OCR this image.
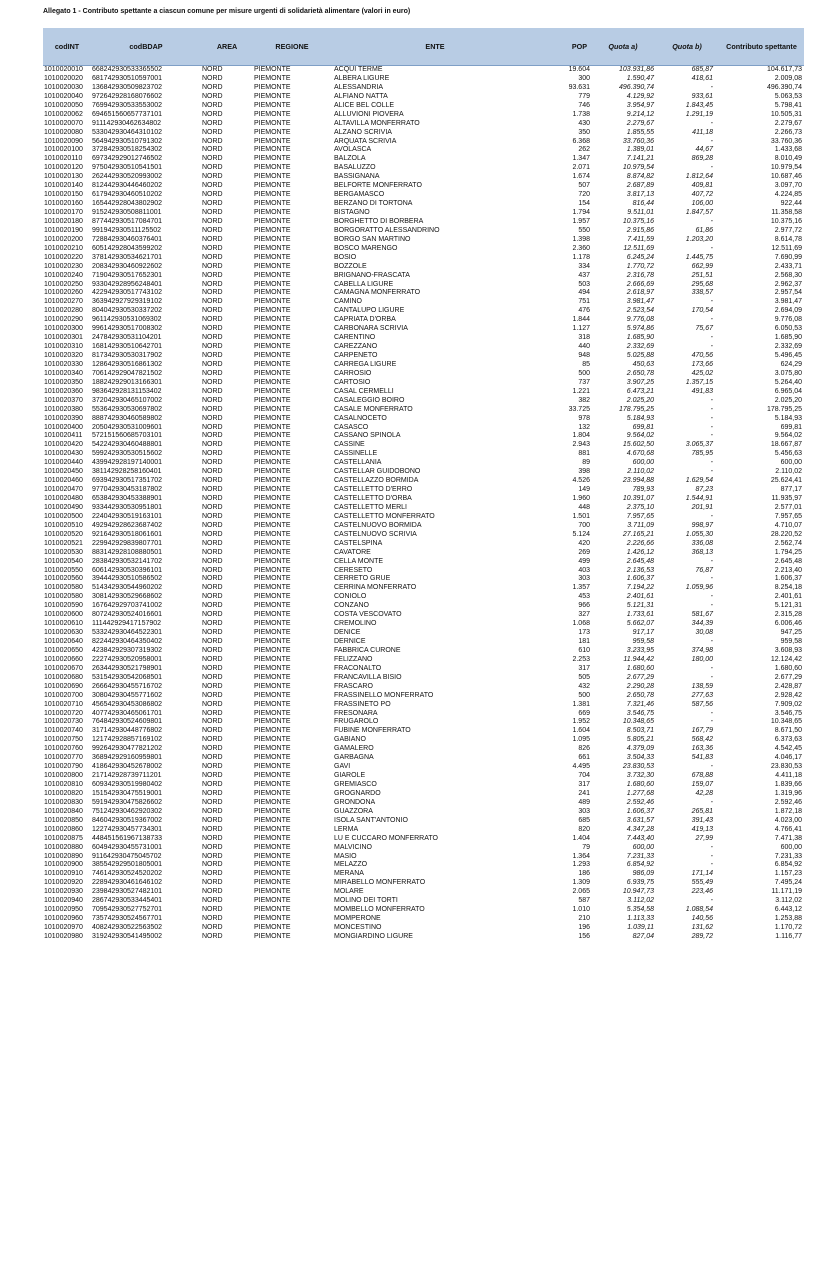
Allegato 1 - Contributo spettante a ciascun comune per misure urgenti di solidarietà alimentare (valori in euro)
codINT	codBDAP	AREA	REGIONE	ENTE	POP	Quota a)	Quota b)	Contributo spettante
1010020010	668242930533365502	NORD	PIEMONTE	ACQUI TERME	19.604	103.931,86	685,87	104.617,73
1010020020	681742930510597001	NORD	PIEMONTE	ALBERA LIGURE	300	1.590,47	418,61	2.009,08
1010020030	136842930509823702	NORD	PIEMONTE	ALESSANDRIA	93.631	496.390,74	-	496.390,74
1010020040	972642928168076602	NORD	PIEMONTE	ALFIANO NATTA	779	4.129,92	933,61	5.063,53
1010020050	769942930533553002	NORD	PIEMONTE	ALICE BEL COLLE	746	3.954,97	1.843,45	5.798,41
1010020062	694651560657737101	NORD	PIEMONTE	ALLUVIONI PIOVERA	1.738	9.214,12	1.291,19	10.505,31
1010020070	911142930462634802	NORD	PIEMONTE	ALTAVILLA MONFERRATO	430	2.279,67	-	2.279,67
1010020080	533042930464310102	NORD	PIEMONTE	ALZANO SCRIVIA	350	1.855,55	411,18	2.266,73
1010020090	564942930510791302	NORD	PIEMONTE	ARQUATA SCRIVIA	6.368	33.760,36	-	33.760,36
1010020100	372842930518254302	NORD	PIEMONTE	AVOLASCA	262	1.389,01	44,67	1.433,68
1010020110	697342929012746502	NORD	PIEMONTE	BALZOLA	1.347	7.141,21	869,28	8.010,49
1010020120	975042930510541501	NORD	PIEMONTE	BASALUZZO	2.071	10.979,54	-	10.979,54
1010020130	262442930520993002	NORD	PIEMONTE	BASSIGNANA	1.674	8.874,82	1.812,64	10.687,46
1010020140	812442930446460202	NORD	PIEMONTE	BELFORTE MONFERRATO	507	2.687,89	409,81	3.097,70
1010020150	617942930460510202	NORD	PIEMONTE	BERGAMASCO	720	3.817,13	407,72	4.224,85
1010020160	165442928043802902	NORD	PIEMONTE	BERZANO DI TORTONA	154	816,44	106,00	922,44
1010020170	915242930508811001	NORD	PIEMONTE	BISTAGNO	1.794	9.511,01	1.847,57	11.358,58
1010020180	877442930517084701	NORD	PIEMONTE	BORGHETTO DI BORBERA	1.957	10.375,16	-	10.375,16
1010020190	991942930511125502	NORD	PIEMONTE	BORGORATTO ALESSANDRINO	550	2.915,86	61,86	2.977,72
1010020200	728842930460376401	NORD	PIEMONTE	BORGO SAN MARTINO	1.398	7.411,59	1.203,20	8.614,78
1010020210	605142928043599202	NORD	PIEMONTE	BOSCO MARENGO	2.360	12.511,69	-	12.511,69
1010020220	378142930534621701	NORD	PIEMONTE	BOSIO	1.178	6.245,24	1.445,75	7.690,99
1010020230	208342930460922602	NORD	PIEMONTE	BOZZOLE	334	1.770,72	662,99	2.433,71
1010020240	719042930517652301	NORD	PIEMONTE	BRIGNANO-FRASCATA	437	2.316,78	251,51	2.568,30
1010020250	933042928956248401	NORD	PIEMONTE	CABELLA LIGURE	503	2.666,69	295,68	2.962,37
1010020260	422942930517743102	NORD	PIEMONTE	CAMAGNA MONFERRATO	494	2.618,97	338,57	2.957,54
1010020270	363942927929319102	NORD	PIEMONTE	CAMINO	751	3.981,47	-	3.981,47
1010020280	804042930530337202	NORD	PIEMONTE	CANTALUPO LIGURE	476	2.523,54	170,54	2.694,09
1010020290	961142930531069302	NORD	PIEMONTE	CAPRIATA D'ORBA	1.844	9.776,08	-	9.776,08
1010020300	996142930517008302	NORD	PIEMONTE	CARBONARA SCRIVIA	1.127	5.974,86	75,67	6.050,53
1010020301	247842930531104201	NORD	PIEMONTE	CARENTINO	318	1.685,90	-	1.685,90
1010020310	168142930510642701	NORD	PIEMONTE	CAREZZANO	440	2.332,69	-	2.332,69
1010020320	817342930530317902	NORD	PIEMONTE	CARPENETO	948	5.025,88	470,56	5.496,45
1010020330	128642930516861302	NORD	PIEMONTE	CARREGA LIGURE	85	450,63	173,66	624,29
1010020340	706142929047821502	NORD	PIEMONTE	CARROSIO	500	2.650,78	425,02	3.075,80
1010020350	188242929013166301	NORD	PIEMONTE	CARTOSIO	737	3.907,25	1.357,15	5.264,40
1010020360	983642928131153402	NORD	PIEMONTE	CASAL CERMELLI	1.221	6.473,21	491,83	6.965,04
1010020370	372042930465107002	NORD	PIEMONTE	CASALEGGIO BOIRO	382	2.025,20	-	2.025,20
1010020380	553642930530697802	NORD	PIEMONTE	CASALE MONFERRATO	33.725	178.795,25	-	178.795,25
1010020390	888742930460589802	NORD	PIEMONTE	CASALNOCETO	978	5.184,93	-	5.184,93
1010020400	205042930531009601	NORD	PIEMONTE	CASASCO	132	699,81	-	699,81
1010020411	572151560685703101	NORD	PIEMONTE	CASSANO SPINOLA	1.804	9.564,02	-	9.564,02
1010020420	542242930460488801	NORD	PIEMONTE	CASSINE	2.943	15.602,50	3.065,37	18.667,87
1010020430	599242930530515602	NORD	PIEMONTE	CASSINELLE	881	4.670,68	785,95	5.456,63
1010020440	439942928197140001	NORD	PIEMONTE	CASTELLANIA	89	600,00	-	600,00
1010020450	381142928258160401	NORD	PIEMONTE	CASTELLAR GUIDOBONO	398	2.110,02	-	2.110,02
1010020460	693942930517351702	NORD	PIEMONTE	CASTELLAZZO BORMIDA	4.526	23.994,88	1.629,54	25.624,41
1010020470	977042930453187802	NORD	PIEMONTE	CASTELLETTO D'ERRO	149	789,93	87,23	877,17
1010020480	653842930453388901	NORD	PIEMONTE	CASTELLETTO D'ORBA	1.960	10.391,07	1.544,91	11.935,97
1010020490	933442930530951801	NORD	PIEMONTE	CASTELLETTO MERLI	448	2.375,10	201,91	2.577,01
1010020500	224042930519163101	NORD	PIEMONTE	CASTELLETTO MONFERRATO	1.501	7.957,65	-	7.957,65
1010020510	492942928623687402	NORD	PIEMONTE	CASTELNUOVO BORMIDA	700	3.711,09	998,97	4.710,07
1010020520	921642930518061601	NORD	PIEMONTE	CASTELNUOVO SCRIVIA	5.124	27.165,21	1.055,30	28.220,52
1010020521	229942929839807701	NORD	PIEMONTE	CASTELSPINA	420	2.226,66	336,08	2.562,74
1010020530	883142928108880501	NORD	PIEMONTE	CAVATORE	269	1.426,12	368,13	1.794,25
1010020540	283842930532141702	NORD	PIEMONTE	CELLA MONTE	499	2.645,48	-	2.645,48
1010020550	606142930530396101	NORD	PIEMONTE	CERESETO	403	2.136,53	76,87	2.213,40
1010020560	394442930510586502	NORD	PIEMONTE	CERRETO GRUE	303	1.606,37	-	1.606,37
1010020580	514342930544960202	NORD	PIEMONTE	CERRINA MONFERRATO	1.357	7.194,22	1.059,96	8.254,18
1010020580	308142930529668602	NORD	PIEMONTE	CONIOLO	453	2.401,61	-	2.401,61
1010020590	167642929703741002	NORD	PIEMONTE	CONZANO	966	5.121,31	-	5.121,31
1010020600	807242930524016601	NORD	PIEMONTE	COSTA VESCOVATO	327	1.733,61	581,67	2.315,28
1010020610	111442929417157902	NORD	PIEMONTE	CREMOLINO	1.068	5.662,07	344,39	6.006,46
1010020630	533242930464522301	NORD	PIEMONTE	DENICE	173	917,17	30,08	947,25
1010020640	822442930464350402	NORD	PIEMONTE	DERNICE	181	959,58	-	959,58
1010020650	423842929307319302	NORD	PIEMONTE	FABBRICA CURONE	610	3.233,95	374,98	3.608,93
1010020660	222742930520958001	NORD	PIEMONTE	FELIZZANO	2.253	11.944,42	180,00	12.124,42
1010020670	263442930521798901	NORD	PIEMONTE	FRACONALTO	317	1.680,60	-	1.680,60
1010020680	531542930542068501	NORD	PIEMONTE	FRANCAVILLA BISIO	505	2.677,29	-	2.677,29
1010020690	266642930455716702	NORD	PIEMONTE	FRASCARO	432	2.290,28	138,59	2.428,87
1010020700	308042930455771602	NORD	PIEMONTE	FRASSINELLO MONFERRATO	500	2.650,78	277,63	2.928,42
1010020710	456542930453086802	NORD	PIEMONTE	FRASSINETO PO	1.381	7.321,46	587,56	7.909,02
1010020720	407742930465061701	NORD	PIEMONTE	FRESONARA	669	3.546,75	-	3.546,75
1010020730	764842930524609801	NORD	PIEMONTE	FRUGAROLO	1.952	10.348,65	-	10.348,65
1010020740	317142930448776802	NORD	PIEMONTE	FUBINE MONFERRATO	1.604	8.503,71	167,79	8.671,50
1010020750	121742928857169102	NORD	PIEMONTE	GABIANO	1.095	5.805,21	568,42	6.373,63
1010020760	992642930477821202	NORD	PIEMONTE	GAMALERO	826	4.379,09	163,36	4.542,45
1010020770	368942929160959801	NORD	PIEMONTE	GARBAGNA	661	3.504,33	541,83	4.046,17
1010020790	418642930452678002	NORD	PIEMONTE	GAVI	4.495	23.830,53	-	23.830,53
1010020800	217142928739711201	NORD	PIEMONTE	GIAROLE	704	3.732,30	678,88	4.411,18
1010020810	609342930519980402	NORD	PIEMONTE	GREMIASCO	317	1.680,60	159,07	1.839,66
1010020820	151542930475519001	NORD	PIEMONTE	GROGNARDO	241	1.277,68	42,28	1.319,96
1010020830	591942930475826602	NORD	PIEMONTE	GRONDONA	489	2.592,46	-	2.592,46
1010020840	751242930462920302	NORD	PIEMONTE	GUAZZORA	303	1.606,37	265,81	1.872,18
1010020850	846042930519367002	NORD	PIEMONTE	ISOLA SANT'ANTONIO	685	3.631,57	391,43	4.023,00
1010020860	122742930457734301	NORD	PIEMONTE	LERMA	820	4.347,28	419,13	4.766,41
1010020875	448451561967138733	NORD	PIEMONTE	LU E CUCCARO MONFERRATO	1.404	7.443,40	27,99	7.471,38
1010020880	604942930455731001	NORD	PIEMONTE	MALVICINO	79	600,00	-	600,00
1010020890	911642930475045702	NORD	PIEMONTE	MASIO	1.364	7.231,33	-	7.231,33
1010020900	385542929501805001	NORD	PIEMONTE	MELAZZO	1.293	6.854,92	-	6.854,92
1010020910	746142930524520202	NORD	PIEMONTE	MERANA	186	986,09	171,14	1.157,23
1010020920	228942930461646102	NORD	PIEMONTE	MIRABELLO MONFERRATO	1.309	6.939,75	555,49	7.495,24
1010020930	239842930527482101	NORD	PIEMONTE	MOLARE	2.065	10.947,73	223,46	11.171,19
1010020940	286742930533445401	NORD	PIEMONTE	MOLINO DEI TORTI	587	3.112,02	-	3.112,02
1010020950	709542930527752701	NORD	PIEMONTE	MOMBELLO MONFERRATO	1.010	5.354,58	1.088,54	6.443,12
1010020960	735742930524567701	NORD	PIEMONTE	MOMPERONE	210	1.113,33	140,56	1.253,88
1010020970	408242930522563502	NORD	PIEMONTE	MONCESTINO	196	1.039,11	131,62	1.170,72
1010020980	319242930541495002	NORD	PIEMONTE	MONGIARDINO LIGURE	156	827,04	289,72	1.116,77
